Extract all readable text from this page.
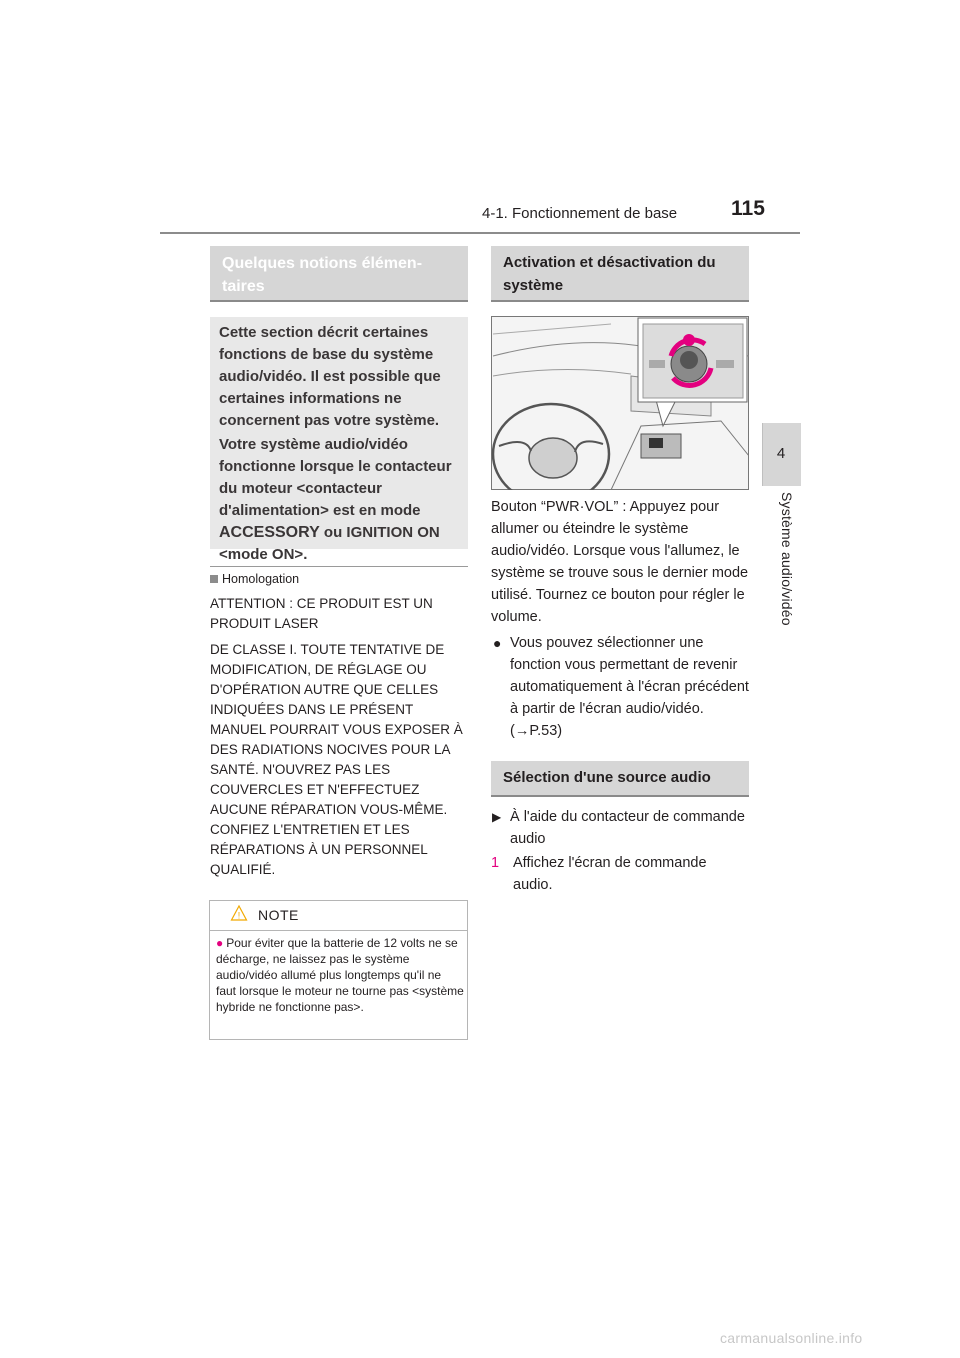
4-1. Fonctionnement de base	115
4
Système audio/vidéo
Quelques notions élémen-
taires

Cette section décrit certaines fonctions de base du système audio/vidéo. Il est possible que certaines informations ne concernent pas votre système.

Votre système audio/vidéo fonctionne lorsque le contacteur du moteur <contacteur d'alimentation> est en mode ACCESSORY ou IGNITION ON <mode ON>.

Homologation
ATTENTION : CE PRODUIT EST UN PRODUIT LASER
DE CLASSE I. TOUTE TENTATIVE DE MODIFICATION, DE RÉGLAGE OU D'OPÉRATION AUTRE QUE CELLES INDIQUÉES DANS LE PRÉSENT MANUEL POURRAIT VOUS EXPOSER À DES RADIATIONS NOCIVES POUR LA SANTÉ. N'OUVREZ PAS LES COUVERCLES ET N'EFFECTUEZ AUCUNE RÉPARATION VOUS-MÊME. CONFIEZ L'ENTRETIEN ET LES RÉPARATIONS À UN PERSONNEL QUALIFIÉ.
! NOTE
● Pour éviter que la batterie de 12 volts ne se décharge, ne laissez pas le système audio/vidéo allumé plus longtemps qu'il ne faut lorsque le moteur ne tourne pas <système hybride ne fonctionne pas>.
Activation et désactivation du
système
Bouton “PWR·VOL” : Appuyez pour allumer ou éteindre le système audio/vidéo. Lorsque vous l'allumez, le système se trouve sous le dernier mode utilisé. Tournez ce bouton pour régler le volume.
● Vous pouvez sélectionner une fonction vous permettant de revenir automatiquement à l'écran précédent à partir de l'écran audio/vidéo.
(→P.53)
Sélection d'une source audio
▶ À l'aide du contacteur de commande audio
1 Affichez l'écran de commande audio.
carmanualsonline.info
